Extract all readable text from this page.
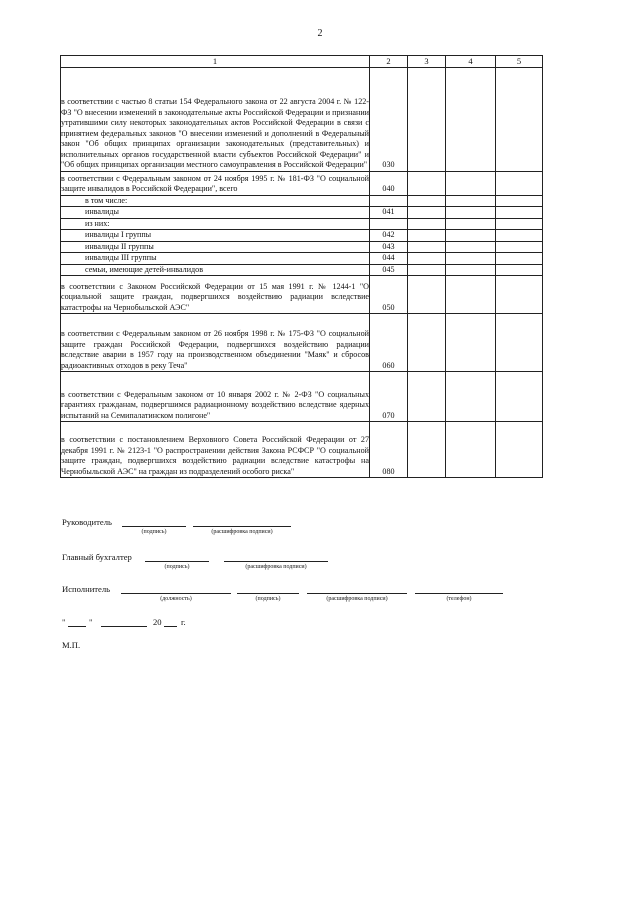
2
1	2	3	4	5
в соответствии с частью 8 статьи 154 Федерального закона от 22 августа 2004 г. № 122-ФЗ "О внесении изменений в законодательные акты Российской Федерации и признании утратившими силу некоторых законодательных актов Российской Федерации в связи с принятием федеральных законов "О внесении изменений и дополнений в Федеральный закон "Об общих принципах организации законодательных (представительных) и исполнительных органов государственной власти субъектов Российской Федерации" и "Об общих принципах организации местного самоуправления в Российской Федерации"	030			
в соответствии с Федеральным законом от 24 ноября 1995 г. № 181-ФЗ "О социальной защите инвалидов в Российской Федерации", всего	040			
в том числе:				
инвалиды	041			
из них:				
инвалиды I группы	042			
инвалиды II группы	043			
инвалиды III группы	044			
семьи, имеющие детей-инвалидов	045			
в соответствии с Законом Российской Федерации от 15 мая 1991 г. № 1244-1 "О социальной защите граждан, подвергшихся воздействию радиации вследствие катастрофы на Чернобыльской АЭС"	050			
в соответствии с Федеральным законом от 26 ноября 1998 г. № 175-ФЗ "О социальной защите граждан Российской Федерации, подвергшихся воздействию радиации вследствие аварии в 1957 году на производственном объединении "Маяк" и сбросов радиоактивных отходов в реку Теча"	060			
в соответствии с Федеральным законом от 10 января 2002 г. № 2-ФЗ "О социальных гарантиях гражданам, подвергшимся радиационному воздействию вследствие ядерных испытаний на Семипалатинском полигоне"	070			
в соответствии с постановлением Верховного Совета Российской Федерации от 27 декабря 1991 г. № 2123-1 "О распространении действия Закона РСФСР "О социальной защите граждан, подвергшихся воздействию радиации вследствие катастрофы на Чернобыльской АЭС" на граждан из подразделений особого риска"	080			
Руководитель
(подпись)	(расшифровка подписи)
Главный бухгалтер
(подпись)	(расшифровка подписи)
Исполнитель
(должность)	(подпись)	(расшифровка подписи)	(телефон)
"	"	20 г.
М.П.
